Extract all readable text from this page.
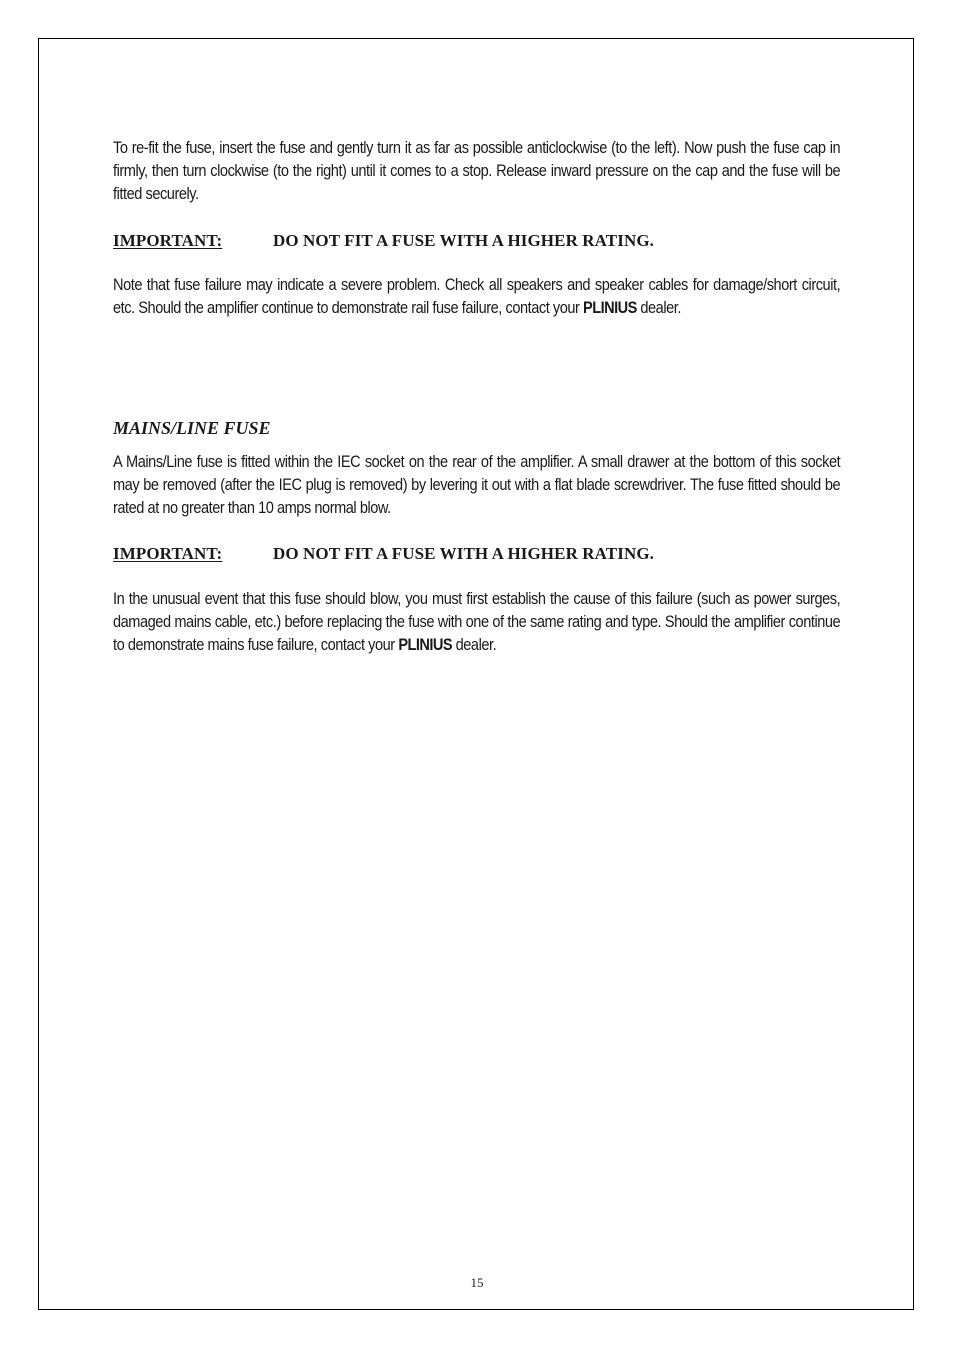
To re-fit the fuse, insert the fuse and gently turn it as far as possible anticlockwise (to the left). Now push the fuse cap in firmly, then turn clockwise (to the right) until it comes to a stop. Release inward pressure on the cap and the fuse will be fitted securely.

IMPORTANT:	DO NOT FIT A FUSE WITH A HIGHER RATING.

Note that fuse failure may indicate a severe problem. Check all speakers and speaker cables for damage/short circuit, etc. Should the amplifier continue to demonstrate rail fuse failure, contact your PLINIUS dealer.

MAINS/LINE FUSE

A Mains/Line fuse is fitted within the IEC socket on the rear of the amplifier. A small drawer at the bottom of this socket may be removed (after the IEC plug is removed) by levering it out with a flat blade screwdriver. The fuse fitted should be rated at no greater than 10 amps normal blow.

IMPORTANT:	DO NOT FIT A FUSE WITH A HIGHER RATING.

In the unusual event that this fuse should blow, you must first establish the cause of this failure (such as power surges, damaged mains cable, etc.) before replacing the fuse with one of the same rating and type. Should the amplifier continue to demonstrate mains fuse failure, contact your PLINIUS dealer.

15
